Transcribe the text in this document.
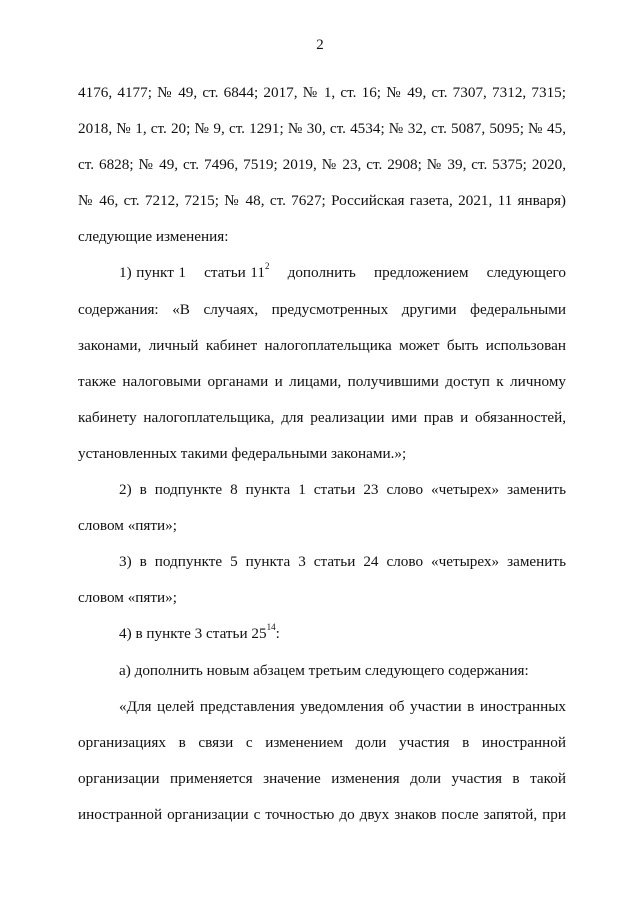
2
4176, 4177; № 49, ст. 6844; 2017, № 1, ст. 16; № 49, ст. 7307, 7312, 7315;
2018, № 1, ст. 20; № 9, ст. 1291; № 30, ст. 4534; № 32, ст. 5087, 5095; № 45,
ст. 6828; № 49, ст. 7496, 7519; 2019, № 23, ст. 2908; № 39, ст. 5375; 2020,
№ 46, ст. 7212, 7215; № 48, ст. 7627; Российская газета, 2021, 11 января)
следующие изменения:
1) пункт 1    статьи $11^2$    дополнить    предложением    следующего
содержания: «В случаях, предусмотренных другими федеральными
законами, личный кабинет налогоплательщика может быть использован
также налоговыми органами и лицами, получившими доступ к личному
кабинету налогоплательщика, для реализации ими прав и обязанностей,
установленных такими федеральными законами.»;
2) в подпункте 8 пункта 1 статьи 23 слово «четырех» заменить
словом «пяти»;
3) в подпункте 5 пункта 3 статьи 24 слово «четырех» заменить
словом «пяти»;
4) в пункте 3 статьи $25^{14}$:
а) дополнить новым абзацем третьим следующего содержания:
«Для целей представления уведомления об участии в иностранных
организациях в связи с изменением доли участия в иностранной
организации применяется значение изменения доли участия в такой
иностранной организации с точностью до двух знаков после запятой, при
